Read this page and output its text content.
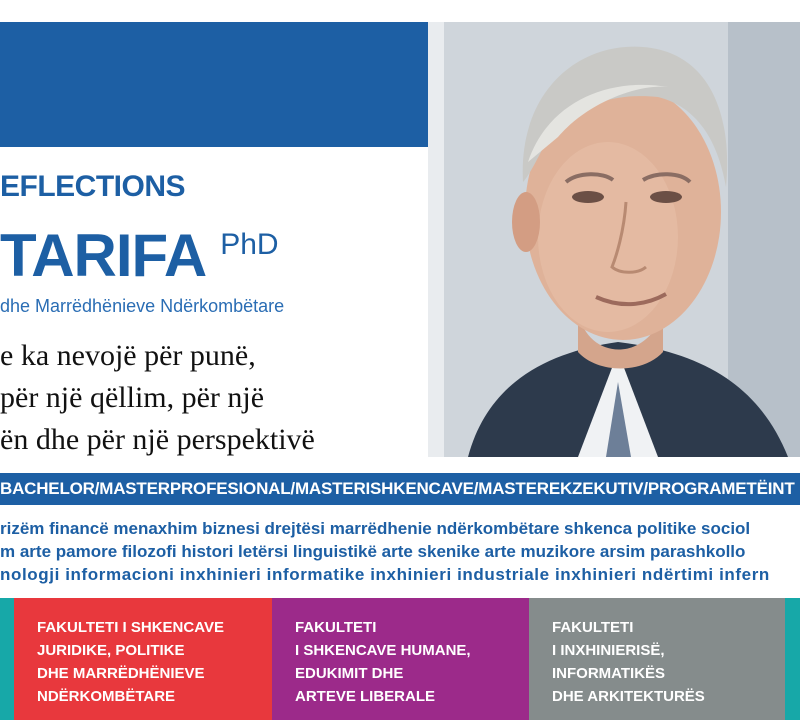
EFLECTIONS
TARIFA PhD
dhe Marrëdhënieve Ndërkombëtare
e ka nevojë për punë,
për një qëllim, për një
ën dhe për një perspektivë
BACHELOR/MASTERPROFESIONAL/MASTERISHKENCAVE/MASTEREKZEKUTIV/PROGRAMETËINT
rizëm financë menaxhim biznesi drejtësi marrëdhenie ndërkombëtare shkenca politike sociol
m arte pamore filozofi histori letërsi linguistikë arte skenike arte muzikore arsim parashkollo
nologji informacioni inxhinieri informatike inxhinieri industriale inxhinieri ndërtimi infern
FAKULTETI I SHKENCAVE
JURIDIKE, POLITIKE
DHE MARRËDHËNIEVE
NDËRKOMBËTARE
FAKULTETI
I SHKENCAVE HUMANE,
EDUKIMIT DHE
ARTEVE LIBERALE
FAKULTETI
I INXHINIERISË,
INFORMATIKËS
DHE ARKITEKTURËS
